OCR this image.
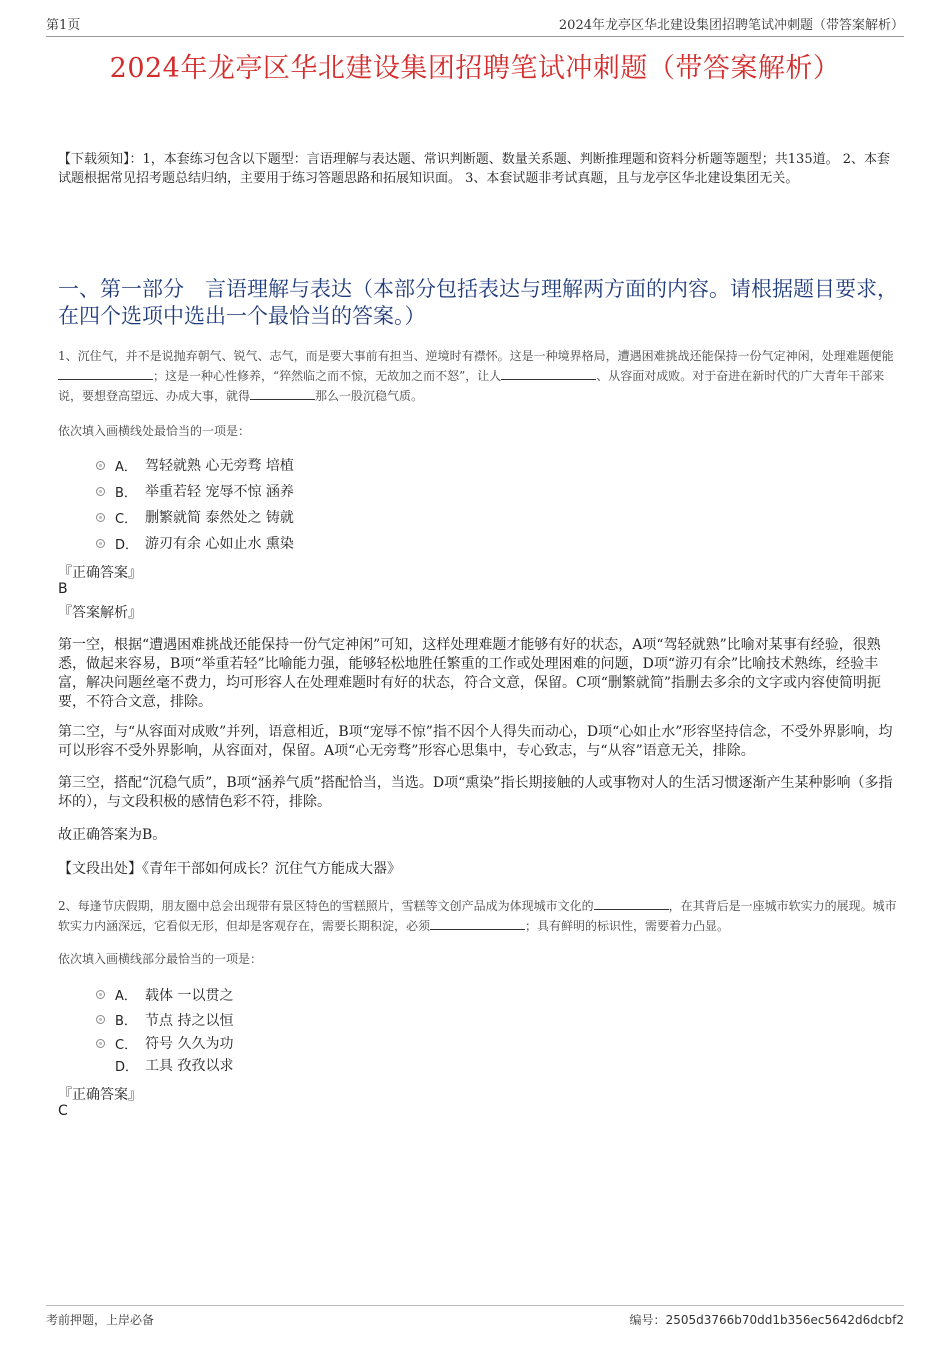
第1页	2024年龙亭区华北建设集团招聘笔试冲刺题（带答案解析）
2024年龙亭区华北建设集团招聘笔试冲刺题（带答案解析）
【下载须知】：1，本套练习包含以下题型：言语理解与表达题、常识判断题、数量关系题、判断推理题和资料分析题等题型；共135道。 2、本套试题根据常见招考题总结归纳，主要用于练习答题思路和拓展知识面。 3、本套试题非考试真题，且与龙亭区华北建设集团无关。
一、第一部分　言语理解与表达（本部分包括表达与理解两方面的内容。请根据题目要求，在四个选项中选出一个最恰当的答案。）
1、沉住气，并不是说抛弃朝气、锐气、志气，而是要大事前有担当、逆境时有襟怀。这是一种境界格局，遭遇困难挑战还能保持一份气定神闲，处理难题便能；这是一种心性修养，“猝然临之而不惊，无故加之而不怒”，让人	、从容面对成败。对于奋进在新时代的广大青年干部来说，要想登高望远、办成大事，就得	那么一股沉稳气质。
依次填入画横线处最恰当的一项是：
A． 驾轻就熟 心无旁骛 培植
B． 举重若轻 宠辱不惊 涵养
C． 删繁就简 泰然处之 铸就
D． 游刃有余 心如止水 熏染
『正确答案』
B
『答案解析』
第一空，根据“遭遇困难挑战还能保持一份气定神闲”可知，这样处理难题才能够有好的状态，A项“驾轻就熟”比喻对某事有经验，很熟悉，做起来容易，B项“举重若轻”比喻能力强，能够轻松地胜任繁重的工作或处理困难的问题，D项“游刃有余”比喻技术熟练，经验丰富，解决问题丝毫不费力，均可形容人在处理难题时有好的状态，符合文意，保留。C项“删繁就简”指删去多余的文字或内容使简明扼要，不符合文意，排除。
第二空，与“从容面对成败”并列，语意相近，B项“宠辱不惊”指不因个人得失而动心，D项“心如止水”形容坚持信念，不受外界影响，均可以形容不受外界影响，从容面对，保留。A项“心无旁骛”形容心思集中，专心致志，与“从容”语意无关，排除。
第三空，搭配“沉稳气质”，B项“涵养气质”搭配恰当，当选。D项“熏染”指长期接触的人或事物对人的生活习惯逐渐产生某种影响（多指坏的），与文段积极的感情色彩不符，排除。
故正确答案为B。
【文段出处】《青年干部如何成长？沉住气方能成大器》
2、每逢节庆假期，朋友圈中总会出现带有景区特色的雪糕照片，雪糕等文创产品成为体现城市文化的	，在其背后是一座城市软实力的展现。城市软实力内涵深远，它看似无形，但却是客观存在，需要长期积淀，必须	；具有鲜明的标识性，需要着力凸显。
依次填入画横线部分最恰当的一项是：
A． 载体 一以贯之
B． 节点 持之以恒
C． 符号 久久为功
D． 工具 孜孜以求
『正确答案』
C
考前押题，上岸必备	编号：2505d3766b70dd1b356ec5642d6dcbf2
